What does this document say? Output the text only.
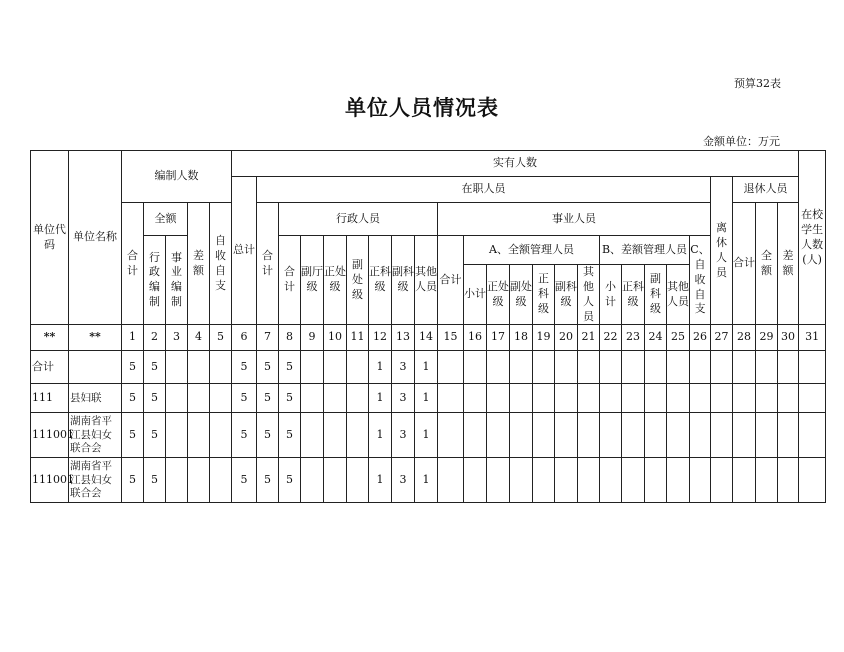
预算32表
单位人员情况表
金额单位：万元
单位代码	单位名称	编制人数					实有人数																									在校学生人数(人)
							总计	在职人员																				离休人员	退休人员			
		合计	全额		差额	自收自支		合计	行政人员							事业人员													合计	全额	差额	
			行政编制	事业编制					合计	副厅级	正处级	副处级	正科级	副科级	其他人员	合计	A、全额管理人员						B、差额管理人员				C、自收自支					
																	小计	正处级	副处级	正科级	副科级	其他人员	小计	正科级	副科级	其他人员						
**	**	1	2	3	4	5	6	7	8	9	10	11	12	13	14	15	16	17	18	19	20	21	22	23	24	25	26	27	28	29	30	31
合计		5	5				5	5	5				1	3	1																	
111	县妇联	5	5				5	5	5				1	3	1																	
111001	湖南省平江县妇女联合会	5	5				5	5	5				1	3	1																	
111001	湖南省平江县妇女联合会	5	5				5	5	5				1	3	1																	
